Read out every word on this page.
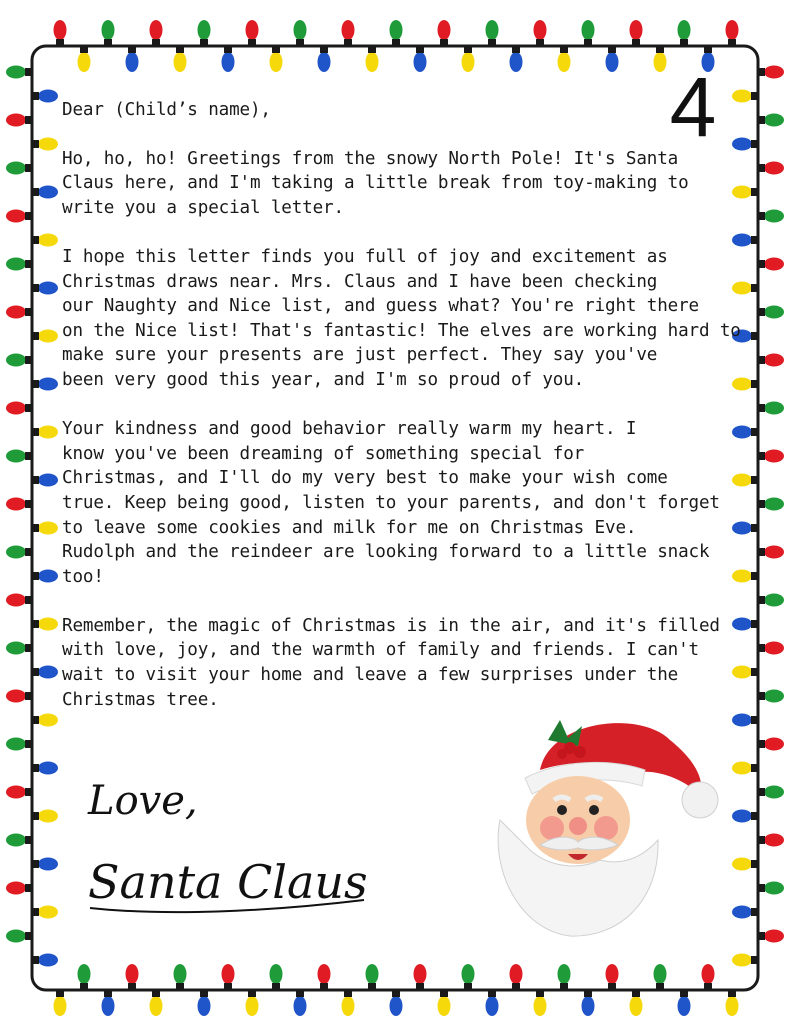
4

Dear (Child’s name),

Ho, ho, ho! Greetings from the snowy North Pole! It's Santa
Claus here, and I'm taking a little break from toy-making to
write you a special letter.

I hope this letter finds you full of joy and excitement as
Christmas draws near. Mrs. Claus and I have been checking
our Naughty and Nice list, and guess what? You're right there
on the Nice list! That's fantastic! The elves are working hard to
make sure your presents are just perfect. They say you've
been very good this year, and I'm so proud of you.

Your kindness and good behavior really warm my heart. I
know you've been dreaming of something special for
Christmas, and I'll do my very best to make your wish come
true. Keep being good, listen to your parents, and don't forget
to leave some cookies and milk for me on Christmas Eve.
Rudolph and the reindeer are looking forward to a little snack
too!

Remember, the magic of Christmas is in the air, and it's filled
with love, joy, and the warmth of family and friends. I can't
wait to visit your home and leave a few surprises under the
Christmas tree.

Love,
Santa Claus
